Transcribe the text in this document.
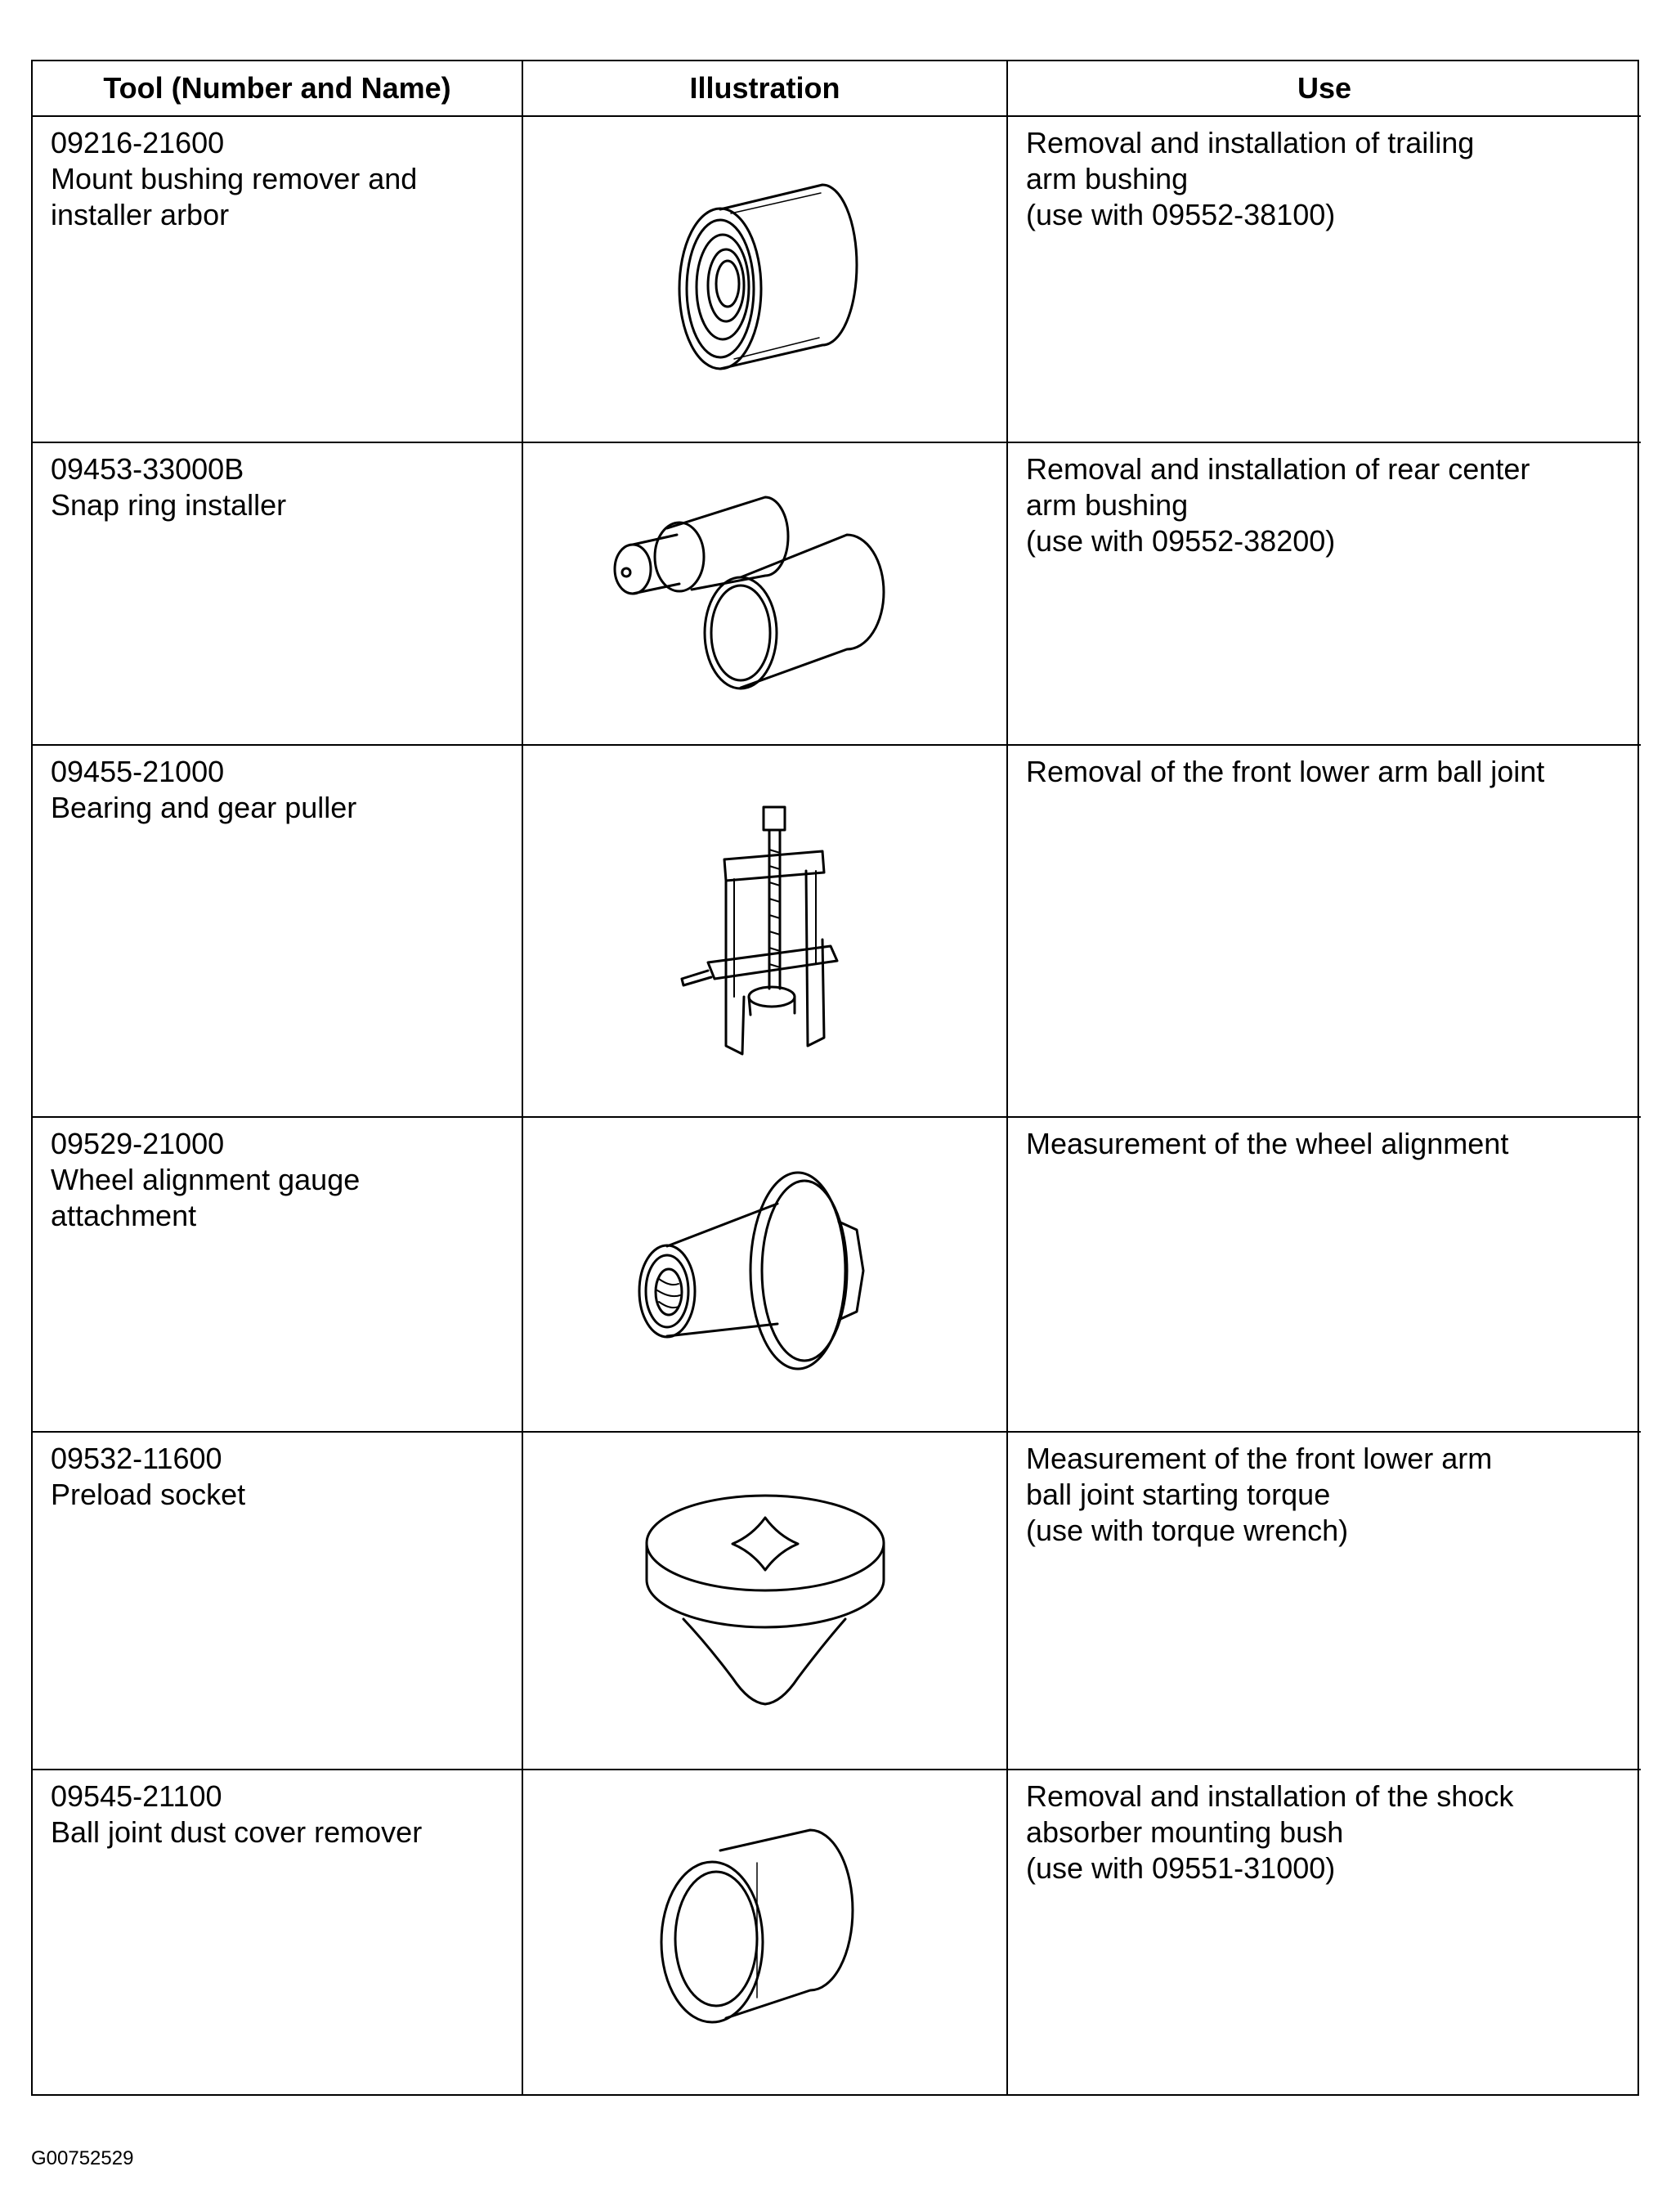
Tool (Number and Name)	Illustration	Use

09216-21600
Mount bushing remover and
installer arbor		Removal and installation of trailing
arm bushing
(use with 09552-38100)

09453-33000B
Snap ring installer		Removal and installation of rear center
arm bushing
(use with 09552-38200)

09455-21000
Bearing and gear puller		Removal of the front lower arm ball joint

09529-21000
Wheel alignment gauge
attachment		Measurement of the wheel alignment

09532-11600
Preload socket		Measurement of the front lower arm
ball joint starting torque
(use with torque wrench)

09545-21100
Ball joint dust cover remover		Removal and installation of the shock
absorber mounting bush
(use with 09551-31000)
G00752529
